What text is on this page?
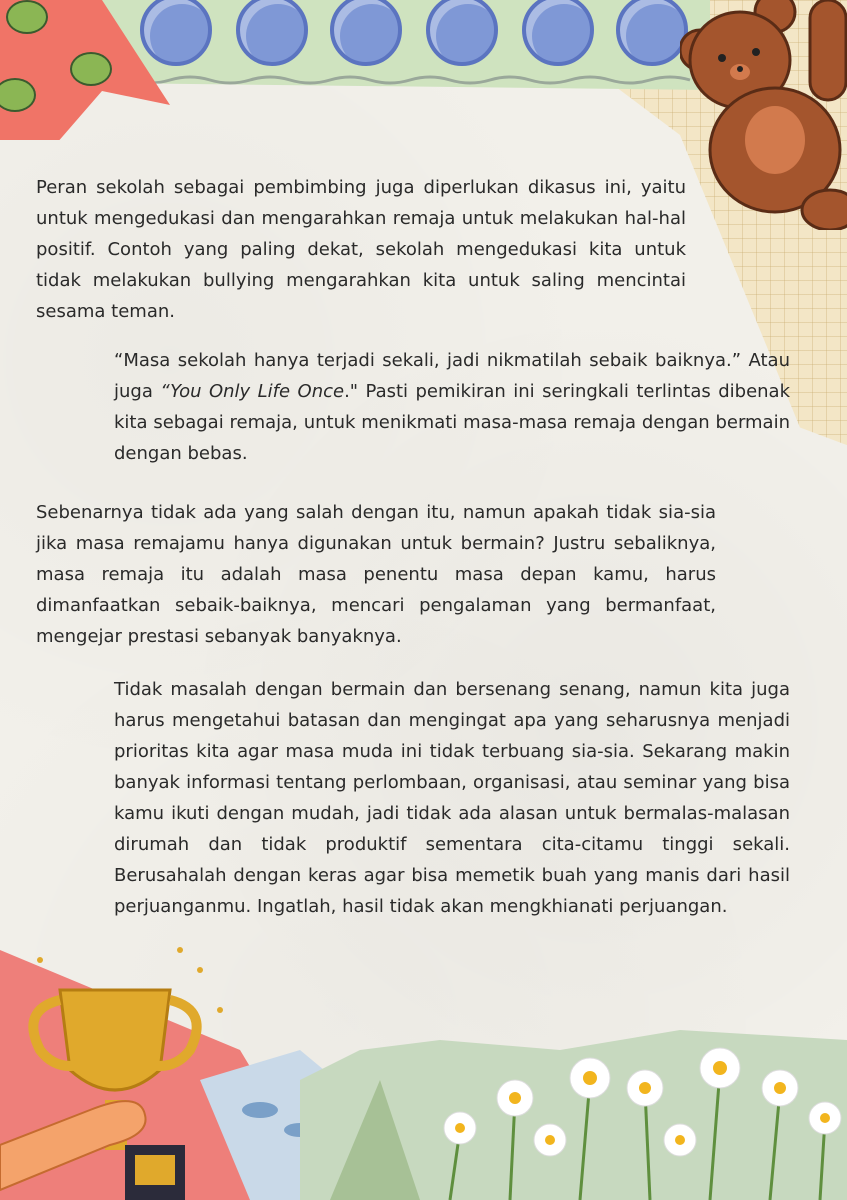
Peran sekolah sebagai pembimbing juga diperlukan dikasus ini, yaitu untuk mengedukasi dan mengarahkan remaja untuk melakukan hal-hal positif. Contoh yang paling dekat, sekolah mengedukasi kita untuk tidak melakukan bullying mengarahkan kita untuk saling mencintai sesama teman.
“Masa sekolah hanya terjadi sekali, jadi nikmatilah sebaik baiknya.” Atau juga “You Only Life Once." Pasti pemikiran ini seringkali terlintas dibenak kita sebagai remaja, untuk menikmati masa-masa remaja dengan bermain dengan bebas.
Sebenarnya tidak ada yang salah dengan itu, namun apakah tidak sia-sia jika masa remajamu hanya digunakan untuk bermain? Justru sebaliknya, masa remaja itu adalah masa penentu masa depan kamu, harus dimanfaatkan sebaik-baiknya, mencari pengalaman yang bermanfaat, mengejar prestasi sebanyak banyaknya.
Tidak masalah dengan bermain dan bersenang senang, namun kita juga harus mengetahui batasan dan mengingat apa yang seharusnya menjadi prioritas kita agar masa muda ini tidak terbuang sia-sia. Sekarang makin banyak informasi tentang perlombaan, organisasi, atau seminar yang bisa kamu ikuti dengan mudah, jadi tidak ada alasan untuk bermalas-malasan dirumah dan tidak produktif sementara cita-citamu tinggi sekali. Berusahalah dengan keras agar bisa memetik buah yang manis dari hasil perjuanganmu. Ingatlah, hasil tidak akan mengkhianati perjuangan.
